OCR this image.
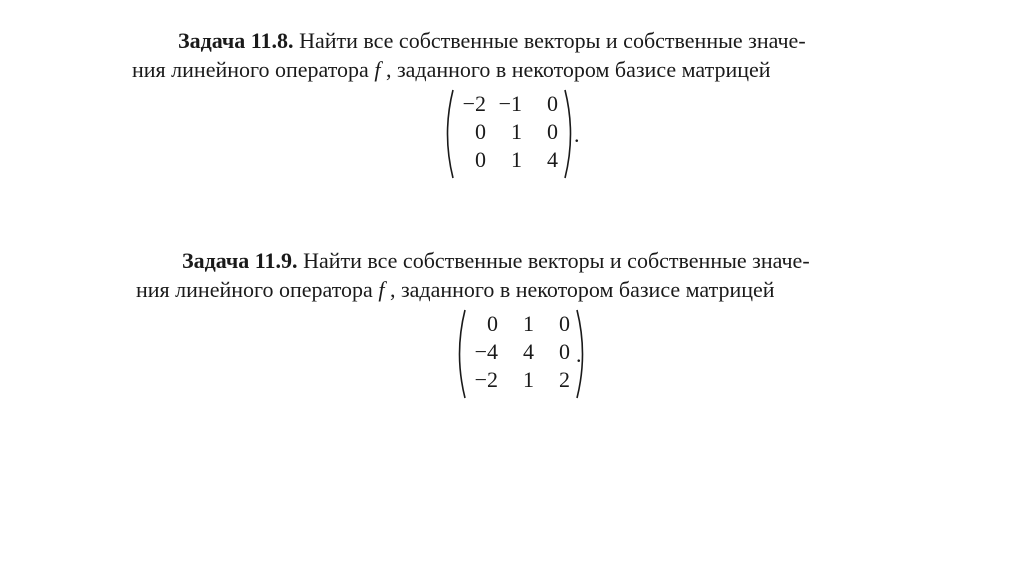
Задача 11.8. Найти все собственные векторы и собственные значе-
ния линейного оператора f , заданного в некотором базисе матрицей
−2 −1	0
0	1	0
0	1	4
.
Задача 11.9. Найти все собственные векторы и собственные значе-
ния линейного оператора f , заданного в некотором базисе матрицей
0	1	0
−4	4	0
−2	1	2
.
